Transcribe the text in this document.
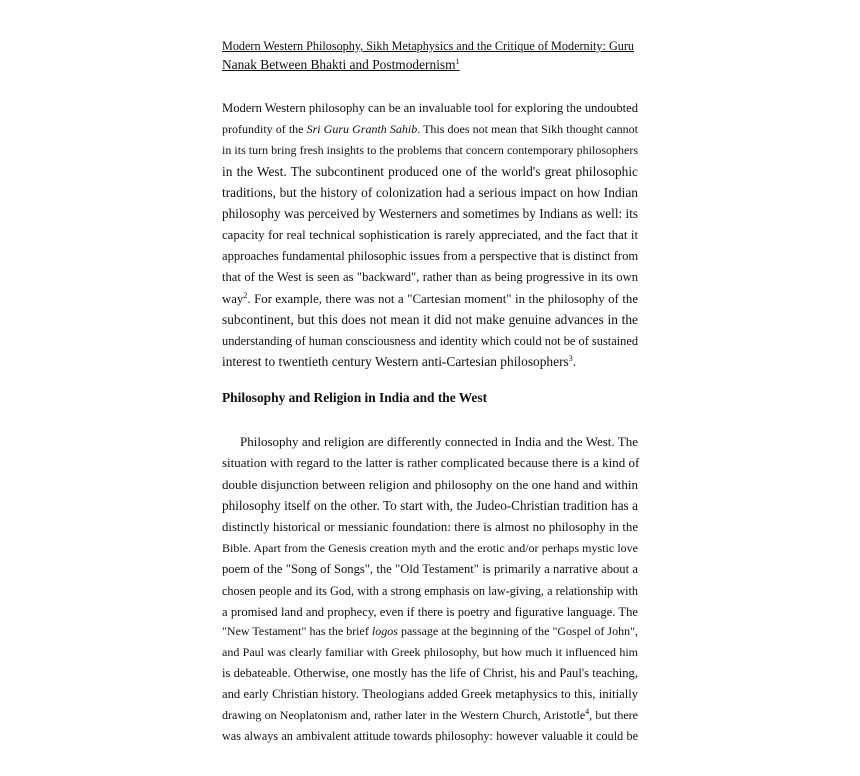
Modern Western Philosophy, Sikh Metaphysics and the Critique of Modernity: Guru
Nanak Between Bhakti and Postmodernism$^1$
Modern Western philosophy can be an invaluable tool for exploring the undoubted
profundity of the Sri Guru Granth Sahib. This does not mean that Sikh thought cannot
in its turn bring fresh insights to the problems that concern contemporary philosophers
in the West. The subcontinent produced one of the world's great philosophic
traditions, but the history of colonization had a serious impact on how Indian
philosophy was perceived by Westerners and sometimes by Indians as well: its
capacity for real technical sophistication is rarely appreciated, and the fact that it
approaches fundamental philosophic issues from a perspective that is distinct from
that of the West is seen as "backward", rather than as being progressive in its own
way$^2$. For example, there was not a "Cartesian moment" in the philosophy of the
subcontinent, but this does not mean it did not make genuine advances in the
understanding of human consciousness and identity which could not be of sustained
interest to twentieth century Western anti-Cartesian philosophers$^3$.
Philosophy and Religion in India and the West
Philosophy and religion are differently connected in India and the West. The
situation with regard to the latter is rather complicated because there is a kind of
double disjunction between religion and philosophy on the one hand and within
philosophy itself on the other. To start with, the Judeo-Christian tradition has a
distinctly historical or messianic foundation: there is almost no philosophy in the
Bible. Apart from the Genesis creation myth and the erotic and/or perhaps mystic love
poem of the "Song of Songs", the "Old Testament" is primarily a narrative about a
chosen people and its God, with a strong emphasis on law-giving, a relationship with
a promised land and prophecy, even if there is poetry and figurative language. The
"New Testament" has the brief logos passage at the beginning of the "Gospel of John",
and Paul was clearly familiar with Greek philosophy, but how much it influenced him
is debateable. Otherwise, one mostly has the life of Christ, his and Paul's teaching,
and early Christian history. Theologians added Greek metaphysics to this, initially
drawing on Neoplatonism and, rather later in the Western Church, Aristotle$^4$, but there
was always an ambivalent attitude towards philosophy: however valuable it could be
